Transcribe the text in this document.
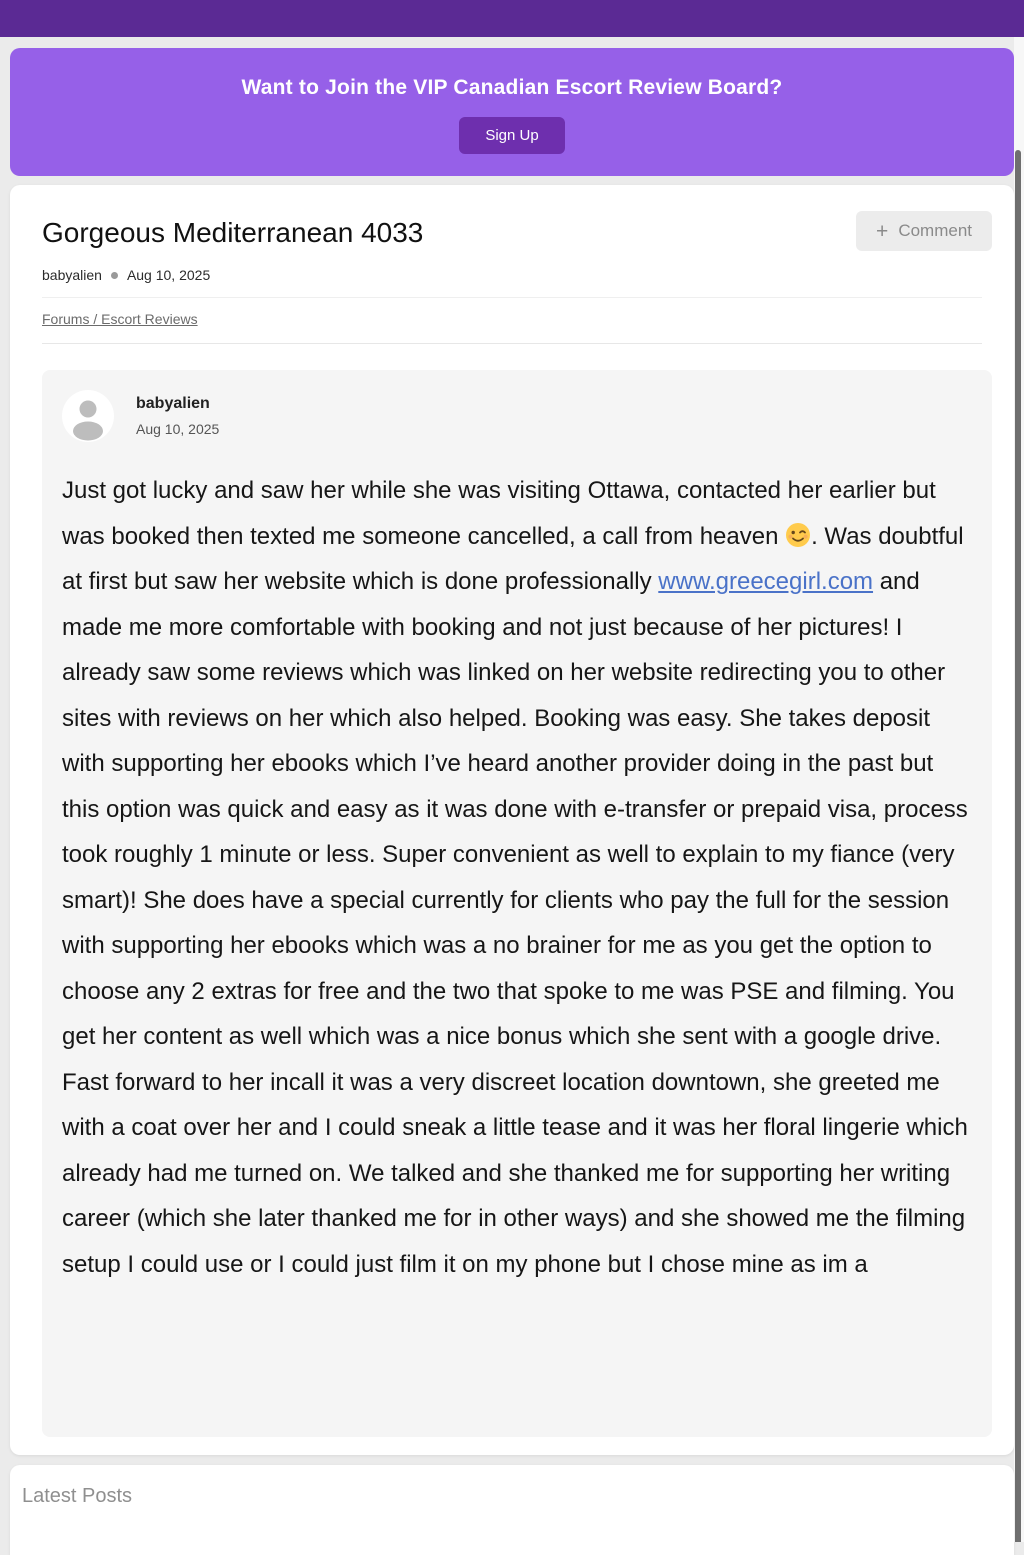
Want to Join the VIP Canadian Escort Review Board?
Sign Up
Gorgeous Mediterranean 4033	+ Comment
babyalien Aug 10, 2025
Forums / Escort Reviews
babyalien
Aug 10, 2025
Just got lucky and saw her while she was visiting Ottawa, contacted her earlier but was booked then texted me someone cancelled, a call from heaven . Was doubtful at first but saw her website which is done professionally www.greecegirl.com and made me more comfortable with booking and not just because of her pictures! I already saw some reviews which was linked on her website redirecting you to other sites with reviews on her which also helped. Booking was easy. She takes deposit with supporting her ebooks which I’ve heard another provider doing in the past but this option was quick and easy as it was done with e-transfer or prepaid visa, process took roughly 1 minute or less. Super convenient as well to explain to my fiance (very smart)! She does have a special currently for clients who pay the full for the session with supporting her ebooks which was a no brainer for me as you get the option to choose any 2 extras for free and the two that spoke to me was PSE and filming. You get her content as well which was a nice bonus which she sent with a google drive. Fast forward to her incall it was a very discreet location downtown, she greeted me with a coat over her and I could sneak a little tease and it was her floral lingerie which already had me turned on. We talked and she thanked me for supporting her writing career (which she later thanked me for in other ways) and she showed me the filming setup I could use or I could just film it on my phone but I chose mine as im a
Latest Posts
